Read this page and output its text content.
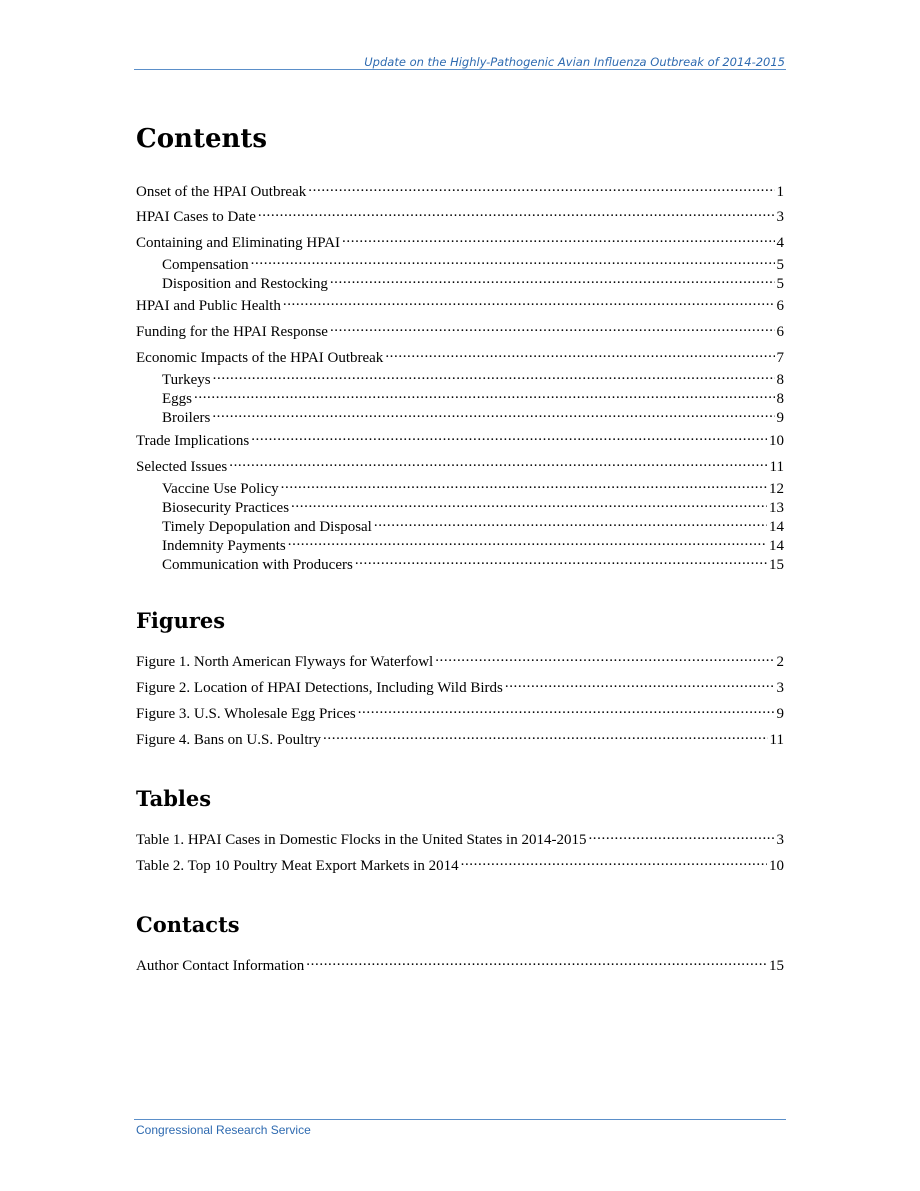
Update on the Highly-Pathogenic Avian Influenza Outbreak of 2014-2015
Contents
Onset of the HPAI Outbreak .....	1
HPAI Cases to Date .....	3
Containing and Eliminating HPAI .....	4
Compensation .....	5
Disposition and Restocking .....	5
HPAI and Public Health .....	6
Funding for the HPAI Response .....	6
Economic Impacts of the HPAI Outbreak .....	7
Turkeys .....	8
Eggs .....	8
Broilers .....	9
Trade Implications .....	10
Selected Issues .....	11
Vaccine Use Policy .....	12
Biosecurity Practices .....	13
Timely Depopulation and Disposal .....	14
Indemnity Payments .....	14
Communication with Producers .....	15
Figures
Figure 1. North American Flyways for Waterfowl .....	2
Figure 2. Location of HPAI Detections, Including Wild Birds .....	3
Figure 3. U.S. Wholesale Egg Prices .....	9
Figure 4. Bans on U.S. Poultry .....	11
Tables
Table 1. HPAI Cases in Domestic Flocks in the United States in 2014-2015 .....	3
Table 2. Top 10 Poultry Meat Export Markets in 2014 .....	10
Contacts
Author Contact Information .....	15
Congressional Research Service
